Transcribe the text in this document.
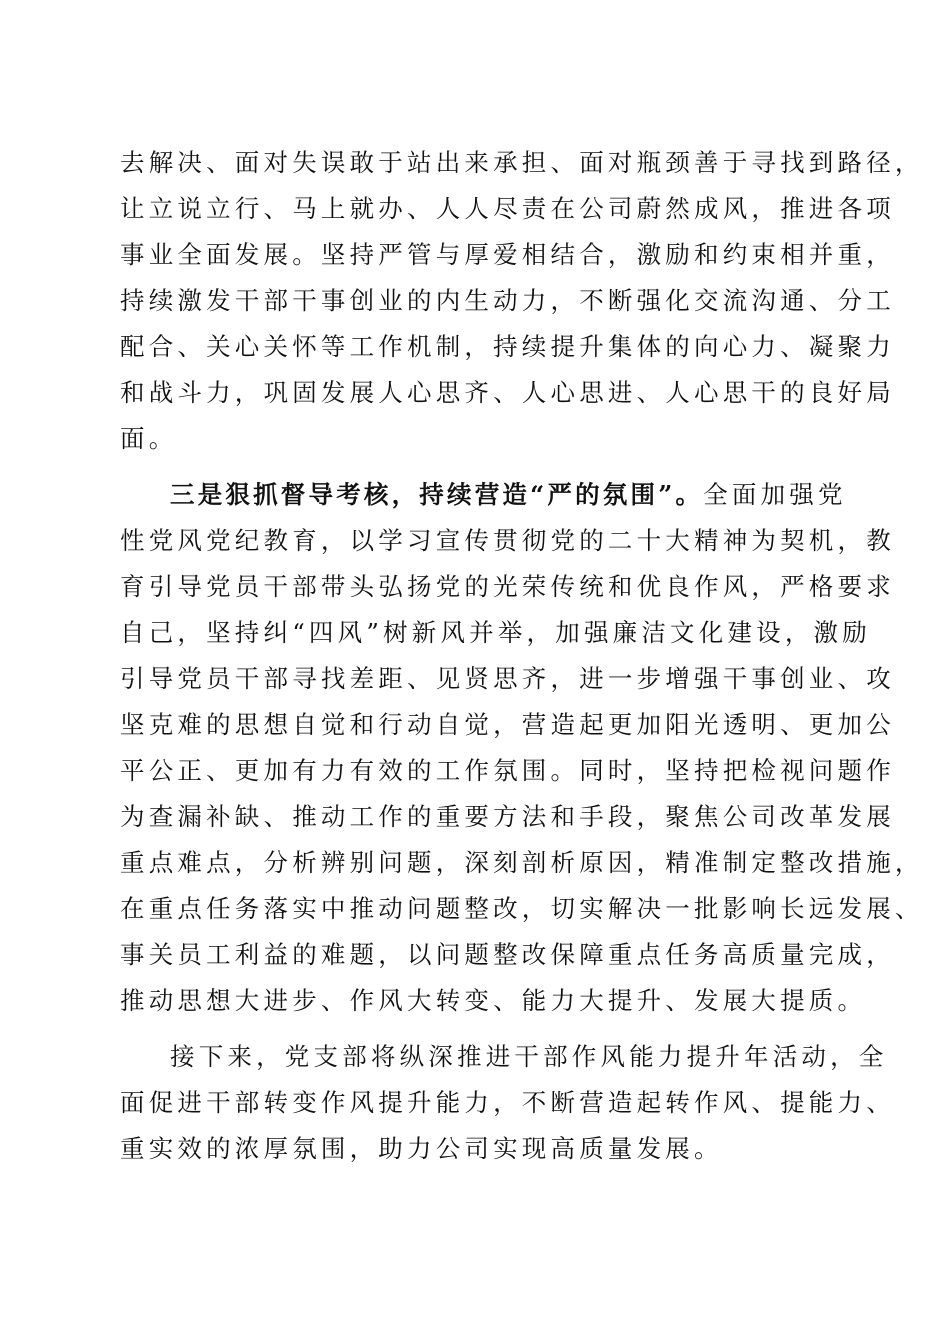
去解决、面对失误敢于站出来承担、面对瓶颈善于寻找到路径，
让立说立行、马上就办、人人尽责在公司蔚然成风，推进各项
事业全面发展。坚持严管与厚爱相结合，激励和约束相并重，
持续激发干部干事创业的内生动力，不断强化交流沟通、分工
配合、关心关怀等工作机制，持续提升集体的向心力、凝聚力
和战斗力，巩固发展人心思齐、人心思进、人心思干的良好局
面。
三是狠抓督导考核，持续营造“严的氛围”。全面加强党
性党风党纪教育，以学习宣传贯彻党的二十大精神为契机，教
育引导党员干部带头弘扬党的光荣传统和优良作风，严格要求
自己，坚持纠“四风”树新风并举，加强廉洁文化建设，激励
引导党员干部寻找差距、见贤思齐，进一步增强干事创业、攻
坚克难的思想自觉和行动自觉，营造起更加阳光透明、更加公
平公正、更加有力有效的工作氛围。同时，坚持把检视问题作
为查漏补缺、推动工作的重要方法和手段，聚焦公司改革发展
重点难点，分析辨别问题，深刻剖析原因，精准制定整改措施，
在重点任务落实中推动问题整改，切实解决一批影响长远发展、
事关员工利益的难题，以问题整改保障重点任务高质量完成，
推动思想大进步、作风大转变、能力大提升、发展大提质。
接下来，党支部将纵深推进干部作风能力提升年活动，全
面促进干部转变作风提升能力，不断营造起转作风、提能力、
重实效的浓厚氛围，助力公司实现高质量发展。
